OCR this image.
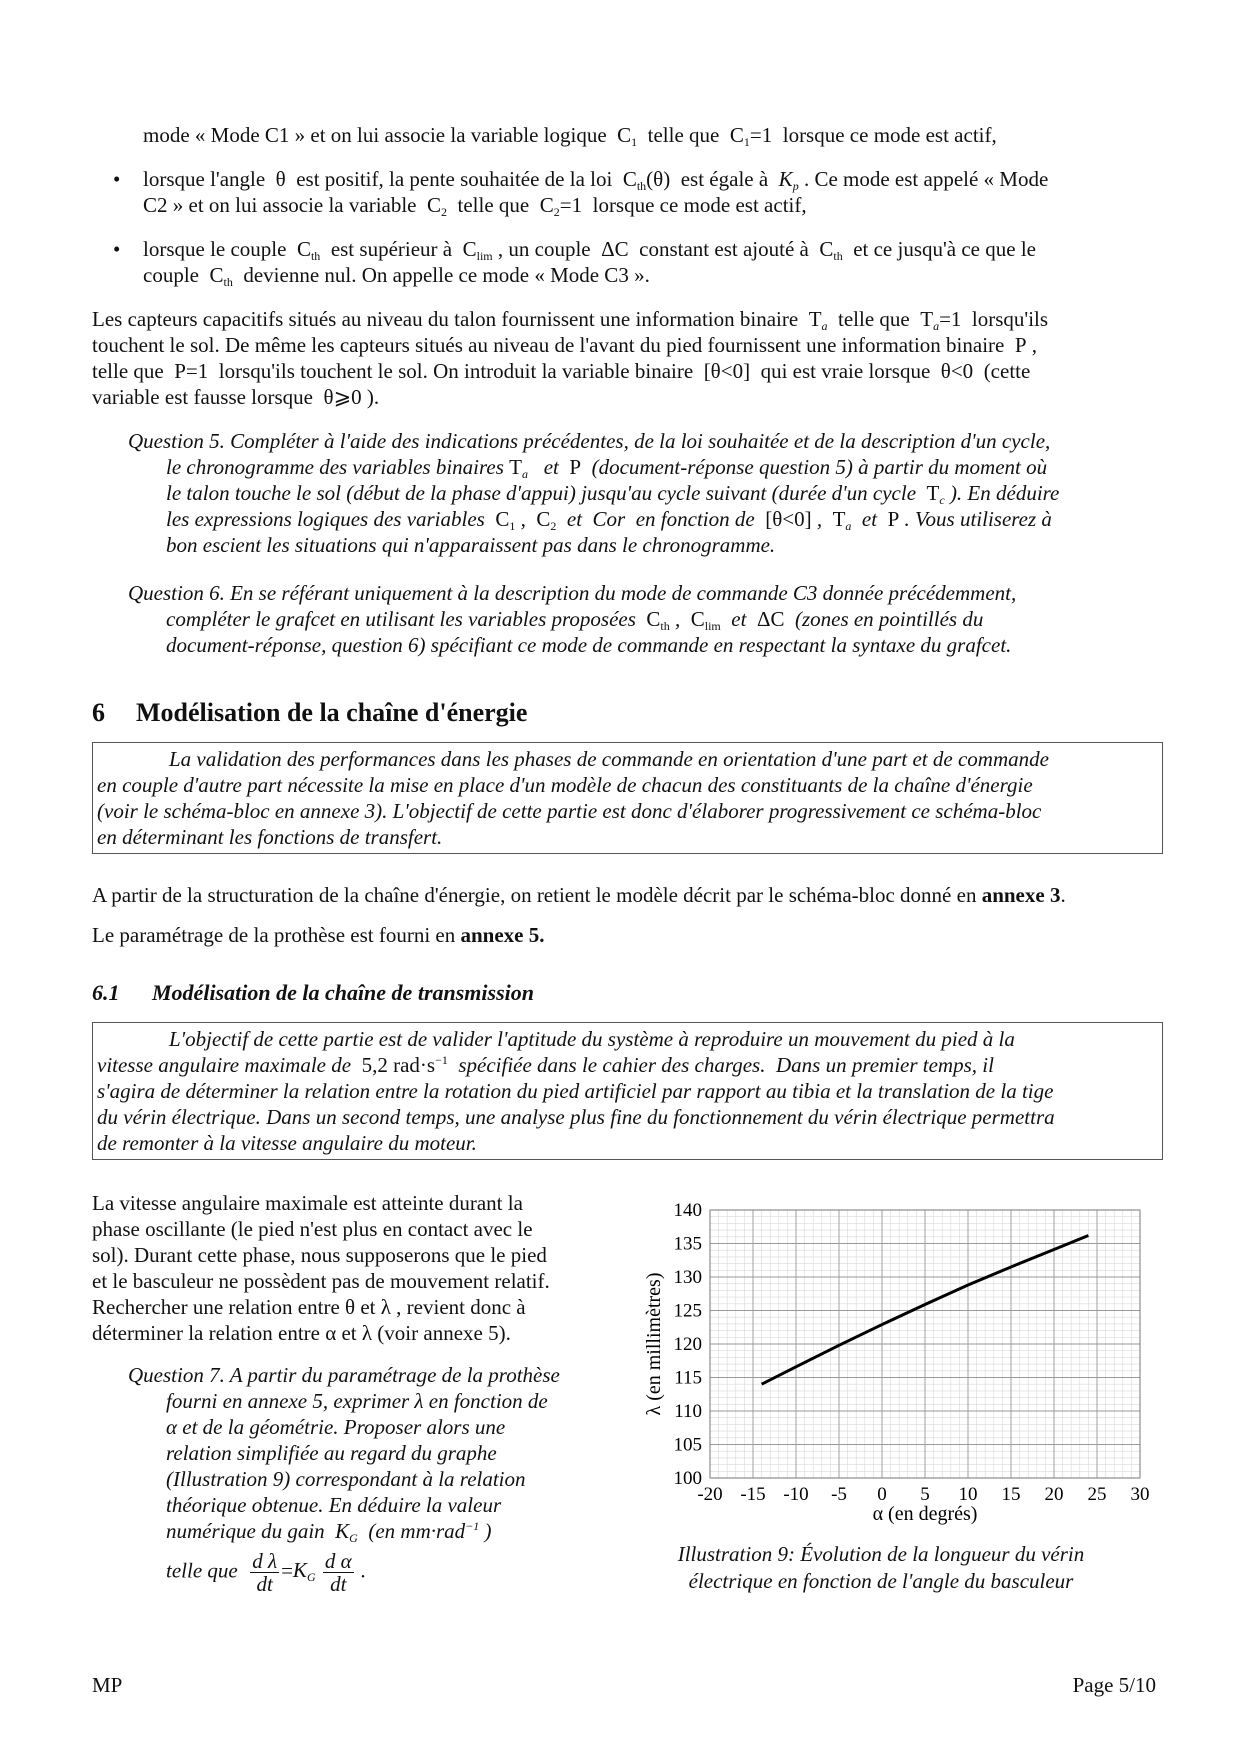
mode « Mode C1 » et on lui associe la variable logique  $C_1$  telle que  $C_1=1$  lorsque ce mode est actif,

• lorsque l'angle  θ  est positif, la pente souhaitée de la loi  $C_{th}(\theta)$  est égale à  $K_p$ . Ce mode est appelé « Mode
C2 » et on lui associe la variable  $C_2$  telle que  $C_2=1$  lorsque ce mode est actif,

• lorsque le couple  $C_{th}$  est supérieur à  $C_{lim}$ , un couple  ΔC  constant est ajouté à  $C_{th}$  et ce jusqu'à ce que le
couple  $C_{th}$  devienne nul. On appelle ce mode « Mode C3 ».

Les capteurs capacitifs situés au niveau du talon fournissent une information binaire  $T_a$  telle que  $T_a=1$  lorsqu'ils
touchent le sol. De même les capteurs situés au niveau de l'avant du pied fournissent une information binaire  P ,
telle que  P=1  lorsqu'ils touchent le sol. On introduit la variable binaire  [θ<0]  qui est vraie lorsque  θ<0  (cette
variable est fausse lorsque  θ⩾0 ).

Question 5. Compléter à l'aide des indications précédentes, de la loi souhaitée et de la description d'un cycle,
le chronogramme des variables binaires $T_a$   et  P  (document-réponse question 5) à partir du moment où
le talon touche le sol (début de la phase d'appui) jusqu'au cycle suivant (durée d'un cycle  $T_c$ ). En déduire
les expressions logiques des variables  $C_1$ ,  $C_2$  et  Cor  en fonction de  [θ<0] ,  $T_a$  et  P . Vous utiliserez à
bon escient les situations qui n'apparaissent pas dans le chronogramme.

Question 6. En se référant uniquement à la description du mode de commande C3 donnée précédemment,
compléter le grafcet en utilisant les variables proposées  $C_{th}$ ,  $C_{lim}$  et  ΔC  (zones en pointillés du
document-réponse, question 6) spécifiant ce mode de commande en respectant la syntaxe du grafcet.

6 Modélisation de la chaîne d'énergie
La validation des performances dans les phases de commande en orientation d'une part et de commande
en couple d'autre part nécessite la mise en place d'un modèle de chacun des constituants de la chaîne d'énergie
(voir le schéma-bloc en annexe 3). L'objectif de cette partie est donc d'élaborer progressivement ce schéma-bloc
en déterminant les fonctions de transfert.

A partir de la structuration de la chaîne d'énergie, on retient le modèle décrit par le schéma-bloc donné en annexe 3.

Le paramétrage de la prothèse est fourni en annexe 5.

6.1 Modélisation de la chaîne de transmission
L'objectif de cette partie est de valider l'aptitude du système à reproduire un mouvement du pied à la
vitesse angulaire maximale de  5,2 $rad\cdot s^{-1}$  spécifiée dans le cahier des charges.  Dans un premier temps, il
s'agira de déterminer la relation entre la rotation du pied artificiel par rapport au tibia et la translation de la tige
du vérin électrique. Dans un second temps, une analyse plus fine du fonctionnement du vérin électrique permettra
de remonter à la vitesse angulaire du moteur.

La vitesse angulaire maximale est atteinte durant la
phase oscillante (le pied n'est plus en contact avec le
sol). Durant cette phase, nous supposerons que le pied
et le basculeur ne possèdent pas de mouvement relatif.
Rechercher une relation entre θ et λ , revient donc à
déterminer la relation entre α et λ (voir annexe 5).

Question 7. A partir du paramétrage de la prothèse
fourni en annexe 5, exprimer λ en fonction de
α et de la géométrie. Proposer alors une
relation simplifiée au regard du graphe
(Illustration 9) correspondant à la relation
théorique obtenue. En déduire la valeur
numérique du gain $K_G$ (en mm·rad$^{-1}$ )
telle que $\frac{\text{d λ}}{dt} =K_G \frac{\text{d α}}{dt}$ .
-20 -15 -10 -5 0 5 10 15 20 25 30
100
105
110
115
120
125
130
135
140
α (en degrés)
λ (en millimètres)
Illustration 9: Évolution de la longueur du vérin
électrique en fonction de l'angle du basculeur
MP	Page 5/10
